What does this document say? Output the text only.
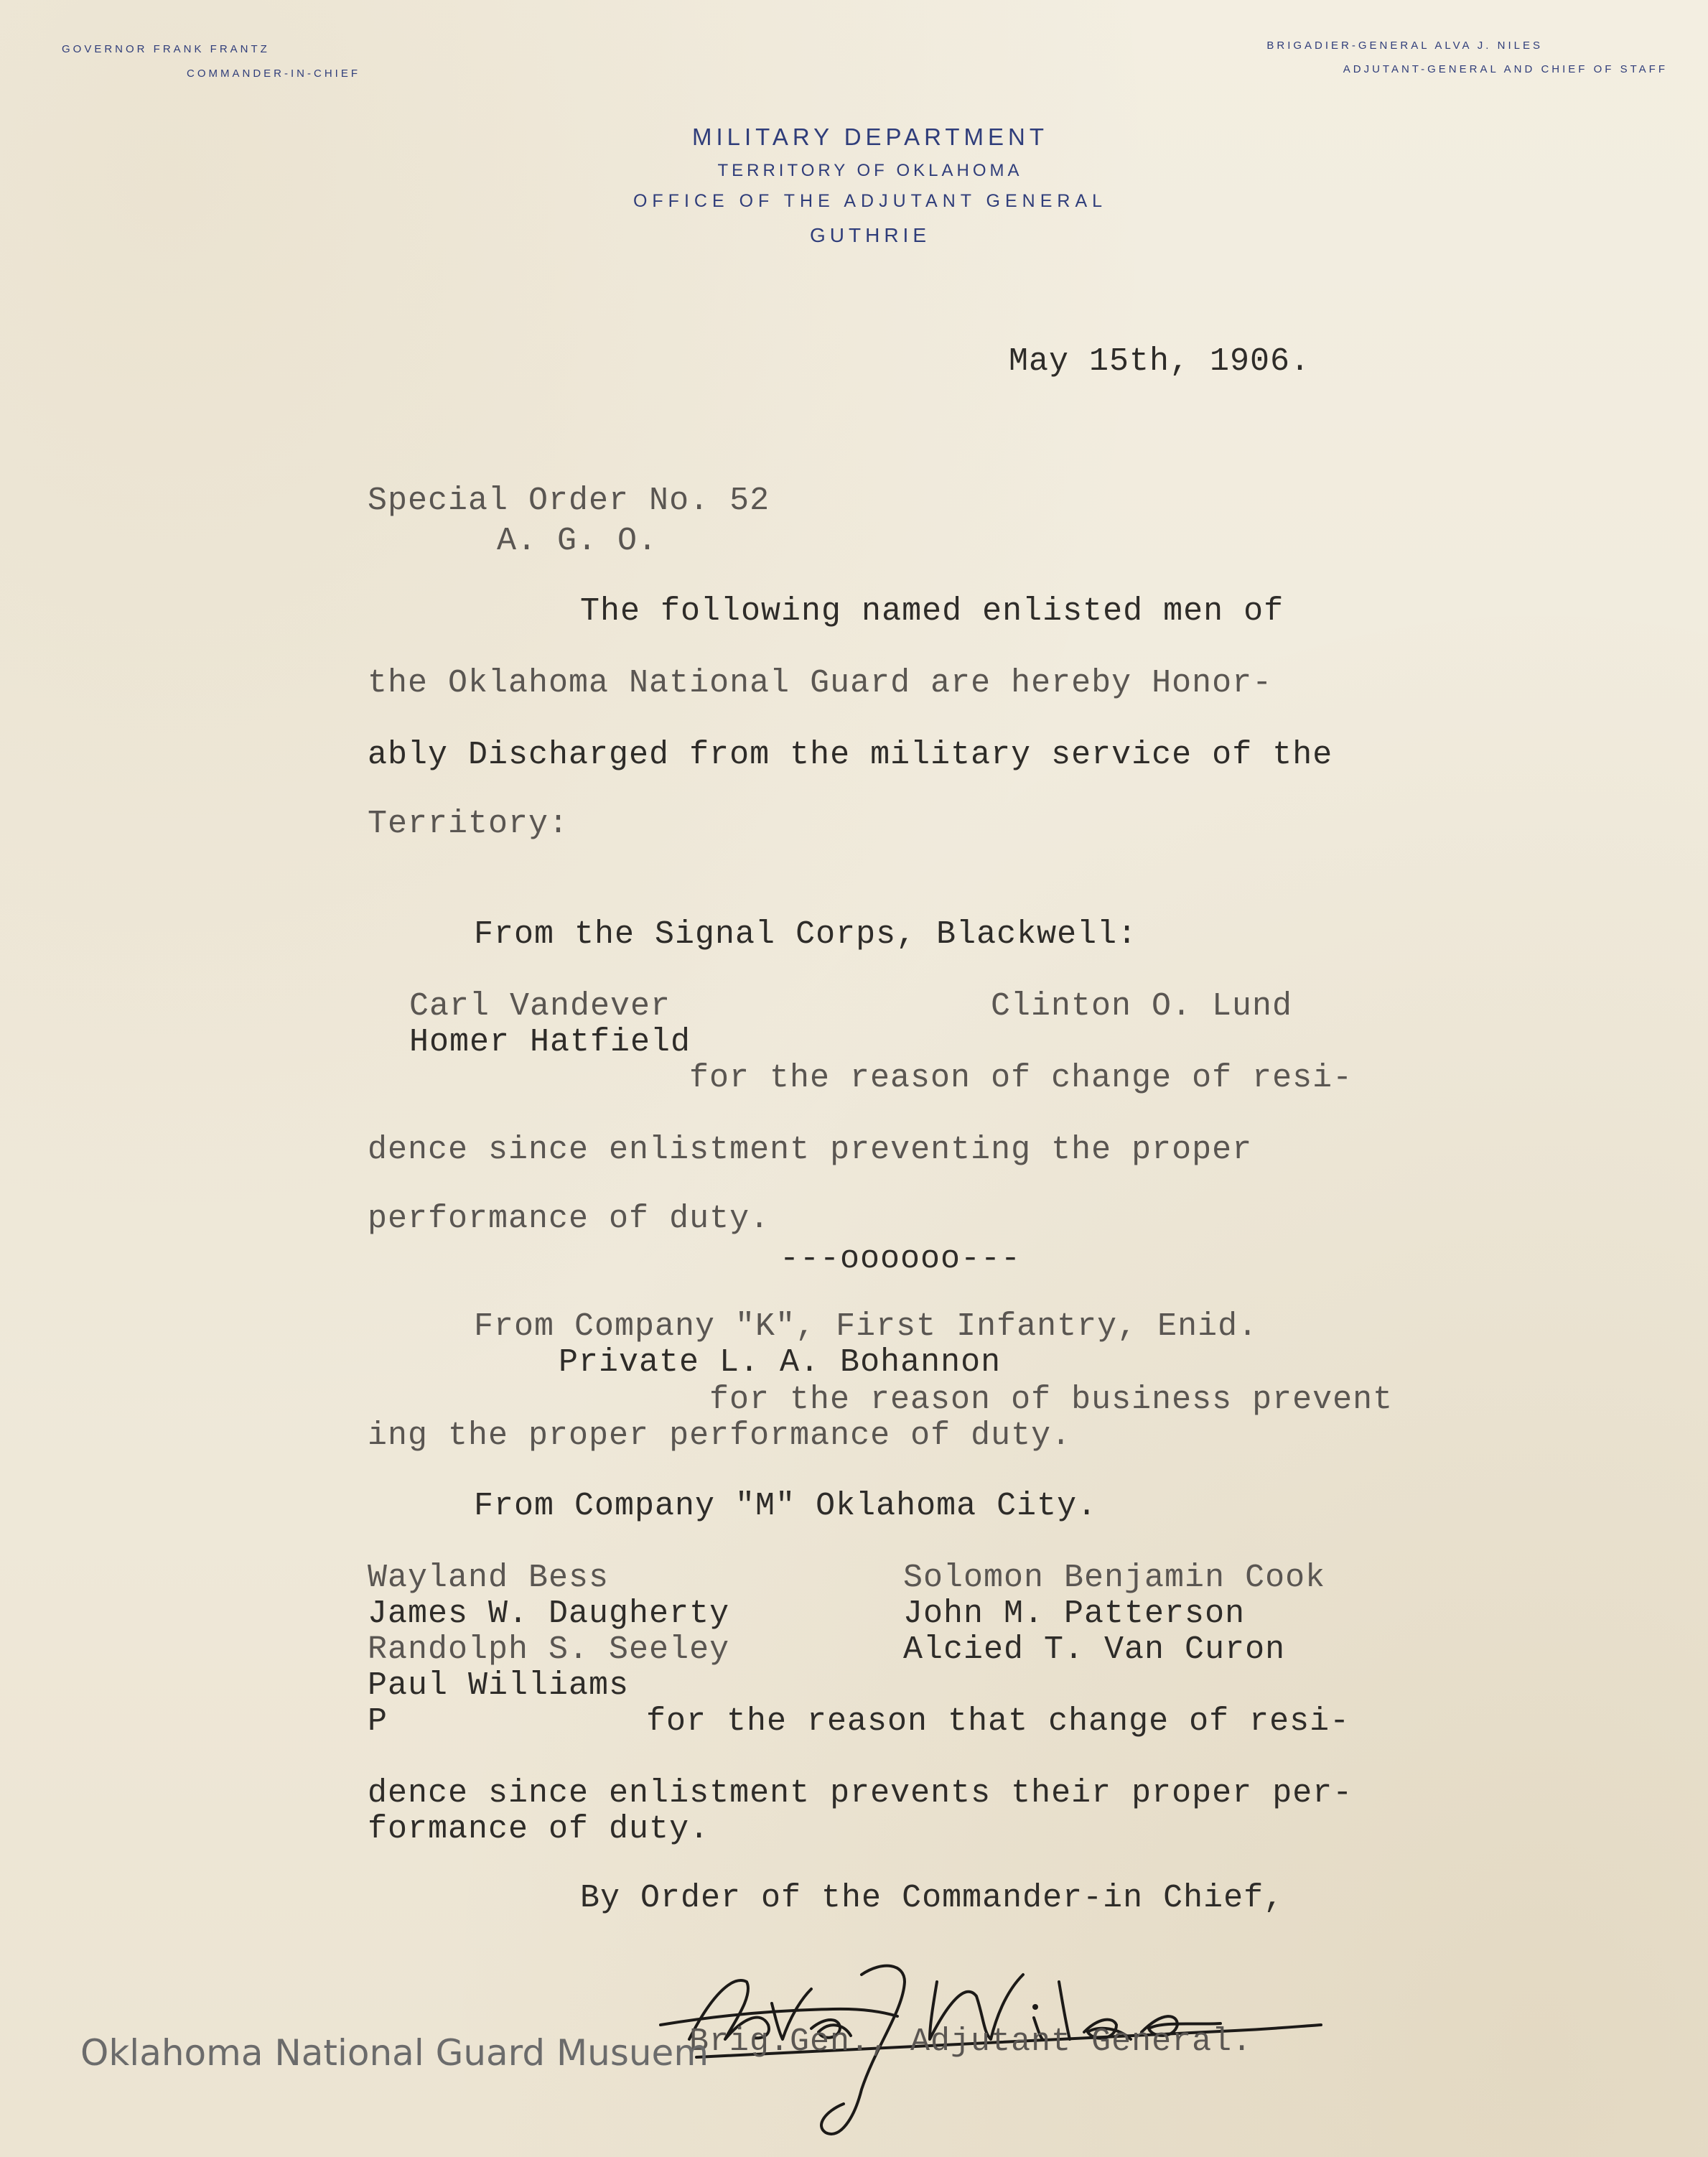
GOVERNOR FRANK FRANTZ
COMMANDER-IN-CHIEF
BRIGADIER-GENERAL ALVA J. NILES
ADJUTANT-GENERAL AND CHIEF OF STAFF
MILITARY DEPARTMENT
TERRITORY OF OKLAHOMA
OFFICE OF THE ADJUTANT GENERAL
GUTHRIE
May 15th, 1906.
Special Order No. 52
A. G. O.
The following named enlisted men of
the Oklahoma National Guard are hereby Honor-
ably Discharged from the military service of the
Territory:
From the Signal Corps, Blackwell:
Carl Vandever	Clinton O. Lund
Homer Hatfield
for the reason of change of resi-
dence since enlistment preventing the proper
performance of duty.
---oooooo---
From Company "K", First Infantry, Enid.
Private L. A. Bohannon
for the reason of business prevent
ing the proper performance of duty.
From Company "M" Oklahoma City.
Wayland Bess	Solomon Benjamin Cook
James W. Daugherty	John M. Patterson
Randolph S. Seeley	Alcied T. Van Curon
Paul Williams
P	for the reason that change of resi-
dence since enlistment prevents their proper per-
formance of duty.
By Order of the Commander-in Chief,
Brig.Gen., Adjutant General.
Oklahoma National Guard Musuem
